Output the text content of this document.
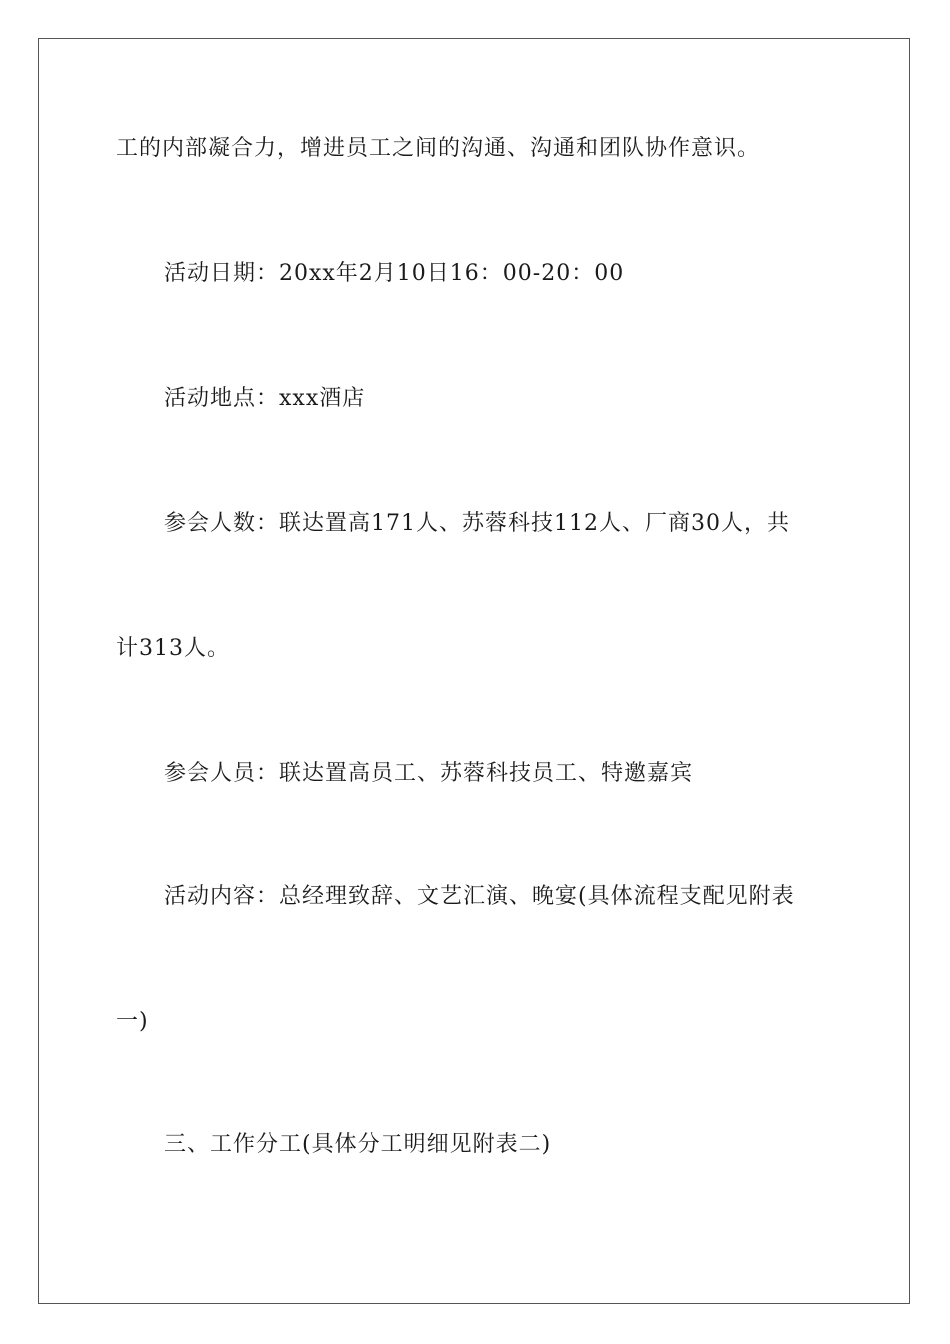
工的内部凝合力，增进员工之间的沟通、沟通和团队协作意识。
活动日期：20xx年2月10日16：00-20：00
活动地点：xxx酒店
参会人数：联达置高171人、苏蓉科技112人、厂商30人，共
计313人。
参会人员：联达置高员工、苏蓉科技员工、特邀嘉宾
活动内容：总经理致辞、文艺汇演、晚宴(具体流程支配见附表
一)
三、工作分工(具体分工明细见附表二)
